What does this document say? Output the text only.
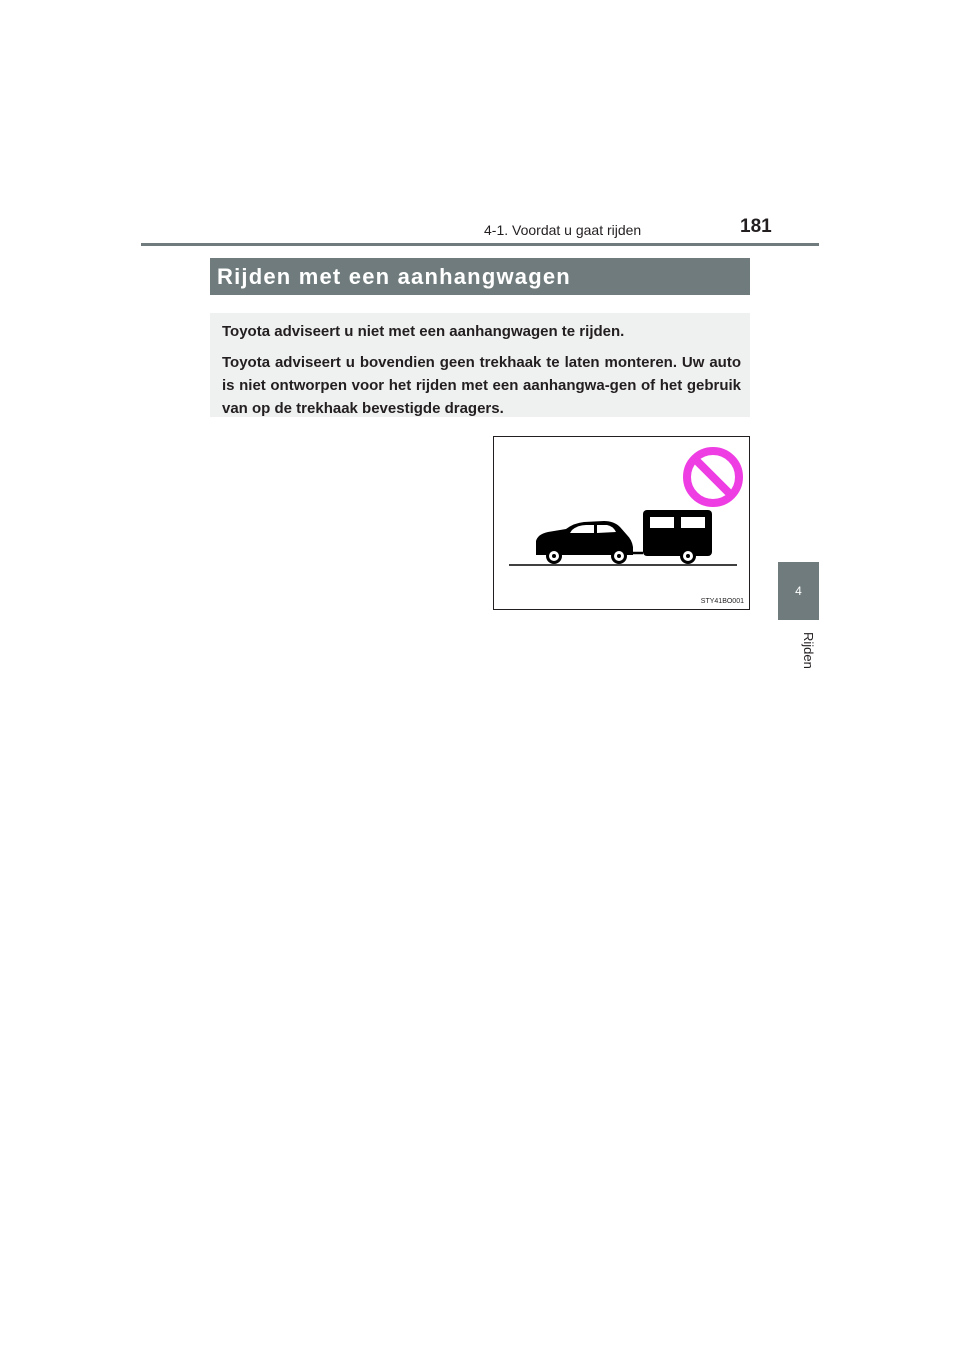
4-1. Voordat u gaat rijden	181
4
Rijden
Rijden met een aanhangwagen

Toyota adviseert u niet met een aanhangwagen te rijden.

Toyota adviseert u bovendien geen trekhaak te laten monteren. Uw auto is niet ontworpen voor het rijden met een aanhangwa-gen of het gebruik van op de trekhaak bevestigde dragers.

STY41BO001
